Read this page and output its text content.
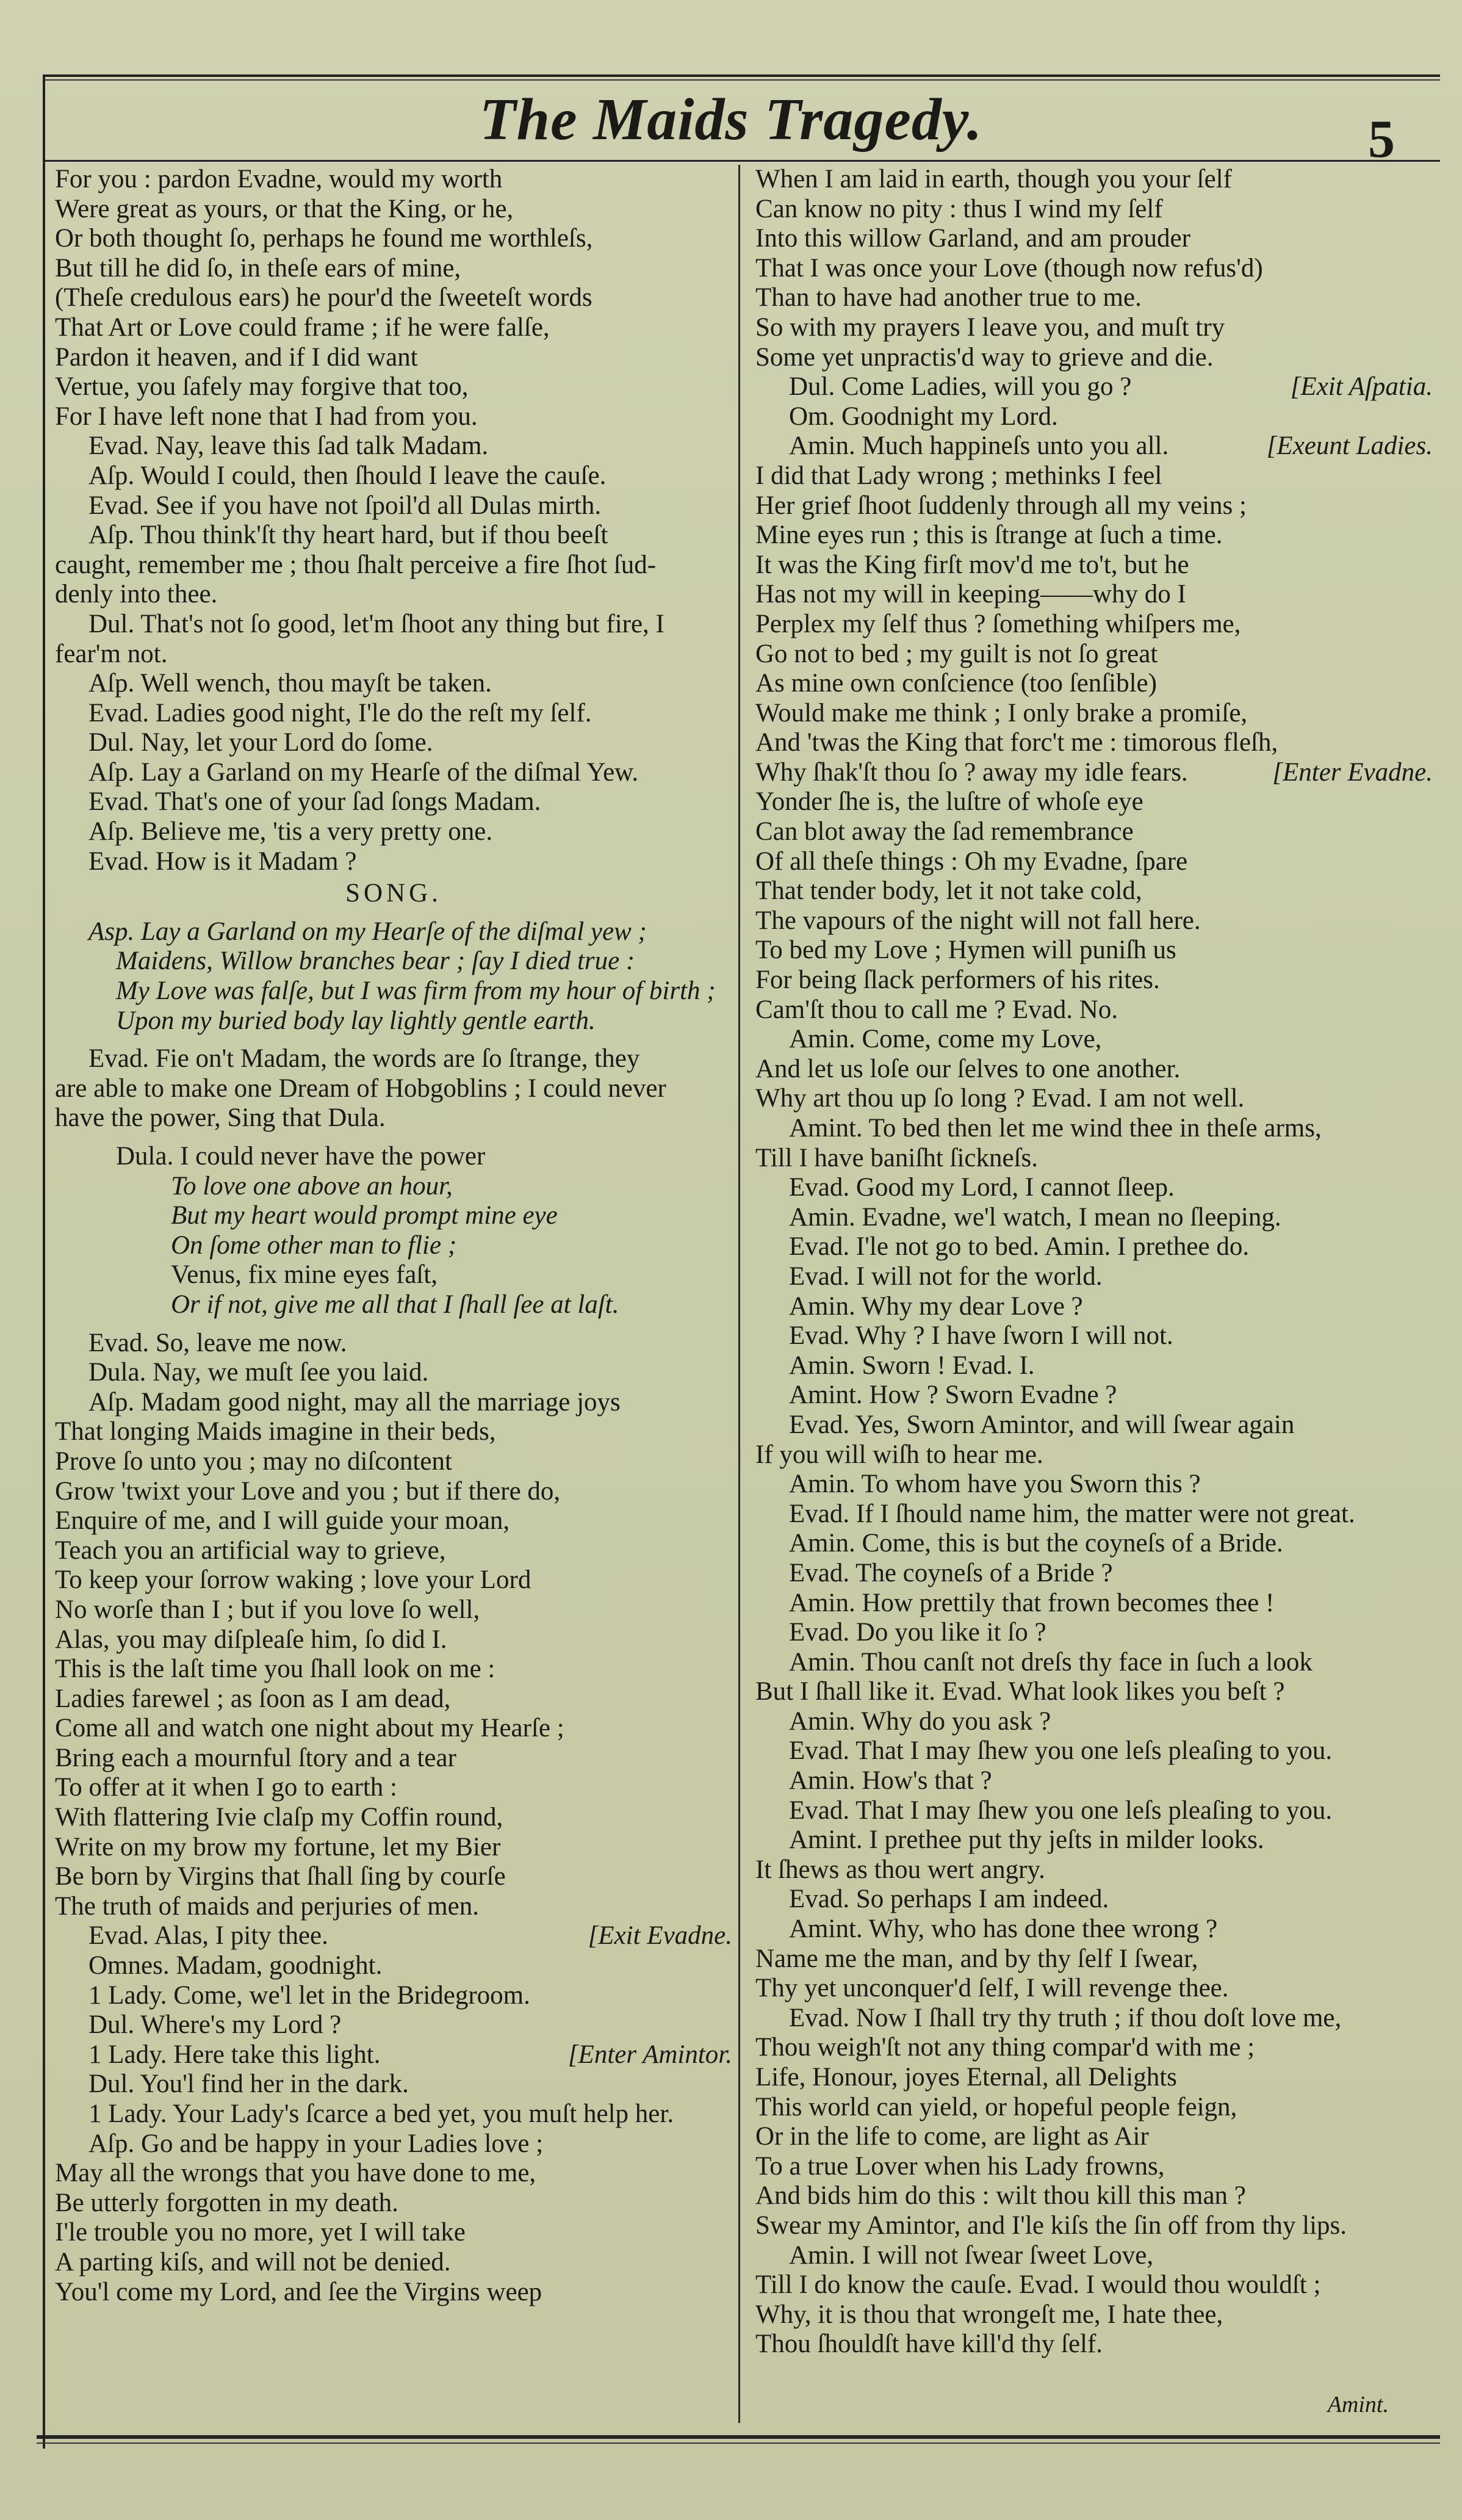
The Maids Tragedy.	5
For you : pardon Evadne, would my worth
Were great as yours, or that the King, or he,
Or both thought ſo, perhaps he found me worthleſs,
But till he did ſo, in theſe ears of mine,
(Theſe credulous ears) he pour'd the ſweeteſt words
That Art or Love could frame ; if he were falſe,
Pardon it heaven, and if I did want
Vertue, you ſafely may forgive that too,
For I have left none that I had from you.
Evad. Nay, leave this ſad talk Madam.
Aſp. Would I could, then ſhould I leave the cauſe.
Evad. See if you have not ſpoil'd all Dulas mirth.
Aſp. Thou think'ſt thy heart hard, but if thou beeſt
caught, remember me ; thou ſhalt perceive a fire ſhot ſud-
denly into thee.
Dul. That's not ſo good, let'm ſhoot any thing but fire, I
fear'm not.
Aſp. Well wench, thou mayſt be taken.
Evad. Ladies good night, I'le do the reſt my ſelf.
Dul. Nay, let your Lord do ſome.
Aſp. Lay a Garland on my Hearſe of the diſmal Yew.
Evad. That's one of your ſad ſongs Madam.
Aſp. Believe me, 'tis a very pretty one.
Evad. How is it Madam ?
SONG.
Asp. Lay a Garland on my Hearſe of the diſmal yew ;
Maidens, Willow branches bear ; ſay I died true :
My Love was falſe, but I was firm from my hour of birth ;
Upon my buried body lay lightly gentle earth.
Evad. Fie on't Madam, the words are ſo ſtrange, they
are able to make one Dream of Hobgoblins ; I could never
have the power, Sing that Dula.
Dula. I could never have the power
To love one above an hour,
But my heart would prompt mine eye
On ſome other man to flie ;
Venus, fix mine eyes faſt,
Or if not, give me all that I ſhall ſee at laſt.
Evad. So, leave me now.
Dula. Nay, we muſt ſee you laid.
Aſp. Madam good night, may all the marriage joys
That longing Maids imagine in their beds,
Prove ſo unto you ; may no diſcontent
Grow 'twixt your Love and you ; but if there do,
Enquire of me, and I will guide your moan,
Teach you an artificial way to grieve,
To keep your ſorrow waking ; love your Lord
No worſe than I ; but if you love ſo well,
Alas, you may diſpleaſe him, ſo did I.
This is the laſt time you ſhall look on me :
Ladies farewel ; as ſoon as I am dead,
Come all and watch one night about my Hearſe ;
Bring each a mournful ſtory and a tear
To offer at it when I go to earth :
With flattering Ivie claſp my Coffin round,
Write on my brow my fortune, let my Bier
Be born by Virgins that ſhall ſing by courſe
The truth of maids and perjuries of men.
Evad. Alas, I pity thee.	[Exit Evadne.
Omnes. Madam, goodnight.
1 Lady. Come, we'l let in the Bridegroom.
Dul. Where's my Lord ?
1 Lady. Here take this light.	[Enter Amintor.
Dul. You'l find her in the dark.
1 Lady. Your Lady's ſcarce a bed yet, you muſt help her.
Aſp. Go and be happy in your Ladies love ;
May all the wrongs that you have done to me,
Be utterly forgotten in my death.
I'le trouble you no more, yet I will take
A parting kiſs, and will not be denied.
You'l come my Lord, and ſee the Virgins weep
When I am laid in earth, though you your ſelf
Can know no pity : thus I wind my ſelf
Into this willow Garland, and am prouder
That I was once your Love (though now refus'd)
Than to have had another true to me.
So with my prayers I leave you, and muſt try
Some yet unpractis'd way to grieve and die.
Dul. Come Ladies, will you go ?	[Exit Aſpatia.
Om. Goodnight my Lord.
Amin. Much happineſs unto you all.	[Exeunt Ladies.
I did that Lady wrong ; methinks I feel
Her grief ſhoot ſuddenly through all my veins ;
Mine eyes run ; this is ſtrange at ſuch a time.
It was the King firſt mov'd me to't, but he
Has not my will in keeping——why do I
Perplex my ſelf thus ? ſomething whiſpers me,
Go not to bed ; my guilt is not ſo great
As mine own conſcience (too ſenſible)
Would make me think ; I only brake a promiſe,
And 'twas the King that forc't me : timorous fleſh,
Why ſhak'ſt thou ſo ? away my idle fears.	[Enter Evadne.
Yonder ſhe is, the luſtre of whoſe eye
Can blot away the ſad remembrance
Of all theſe things : Oh my Evadne, ſpare
That tender body, let it not take cold,
The vapours of the night will not fall here.
To bed my Love ; Hymen will puniſh us
For being ſlack performers of his rites.
Cam'ſt thou to call me ? Evad. No.
Amin. Come, come my Love,
And let us loſe our ſelves to one another.
Why art thou up ſo long ? Evad. I am not well.
Amint. To bed then let me wind thee in theſe arms,
Till I have baniſht ſickneſs.
Evad. Good my Lord, I cannot ſleep.
Amin. Evadne, we'l watch, I mean no ſleeping.
Evad. I'le not go to bed. Amin. I prethee do.
Evad. I will not for the world.
Amin. Why my dear Love ?
Evad. Why ? I have ſworn I will not.
Amin. Sworn ! Evad. I.
Amint. How ? Sworn Evadne ?
Evad. Yes, Sworn Amintor, and will ſwear again
If you will wiſh to hear me.
Amin. To whom have you Sworn this ?
Evad. If I ſhould name him, the matter were not great.
Amin. Come, this is but the coyneſs of a Bride.
Evad. The coyneſs of a Bride ?
Amin. How prettily that frown becomes thee !
Evad. Do you like it ſo ?
Amin. Thou canſt not dreſs thy face in ſuch a look
But I ſhall like it. Evad. What look likes you beſt ?
Amin. Why do you ask ?
Evad. That I may ſhew you one leſs pleaſing to you.
Amin. How's that ?
Evad. That I may ſhew you one leſs pleaſing to you.
Amint. I prethee put thy jeſts in milder looks.
It ſhews as thou wert angry.
Evad. So perhaps I am indeed.
Amint. Why, who has done thee wrong ?
Name me the man, and by thy ſelf I ſwear,
Thy yet unconquer'd ſelf, I will revenge thee.
Evad. Now I ſhall try thy truth ; if thou doſt love me,
Thou weigh'ſt not any thing compar'd with me ;
Life, Honour, joyes Eternal, all Delights
This world can yield, or hopeful people feign,
Or in the life to come, are light as Air
To a true Lover when his Lady frowns,
And bids him do this : wilt thou kill this man ?
Swear my Amintor, and I'le kiſs the ſin off from thy lips.
Amin. I will not ſwear ſweet Love,
Till I do know the cauſe. Evad. I would thou wouldſt ;
Why, it is thou that wrongeſt me, I hate thee,
Thou ſhouldſt have kill'd thy ſelf.
Amint.
